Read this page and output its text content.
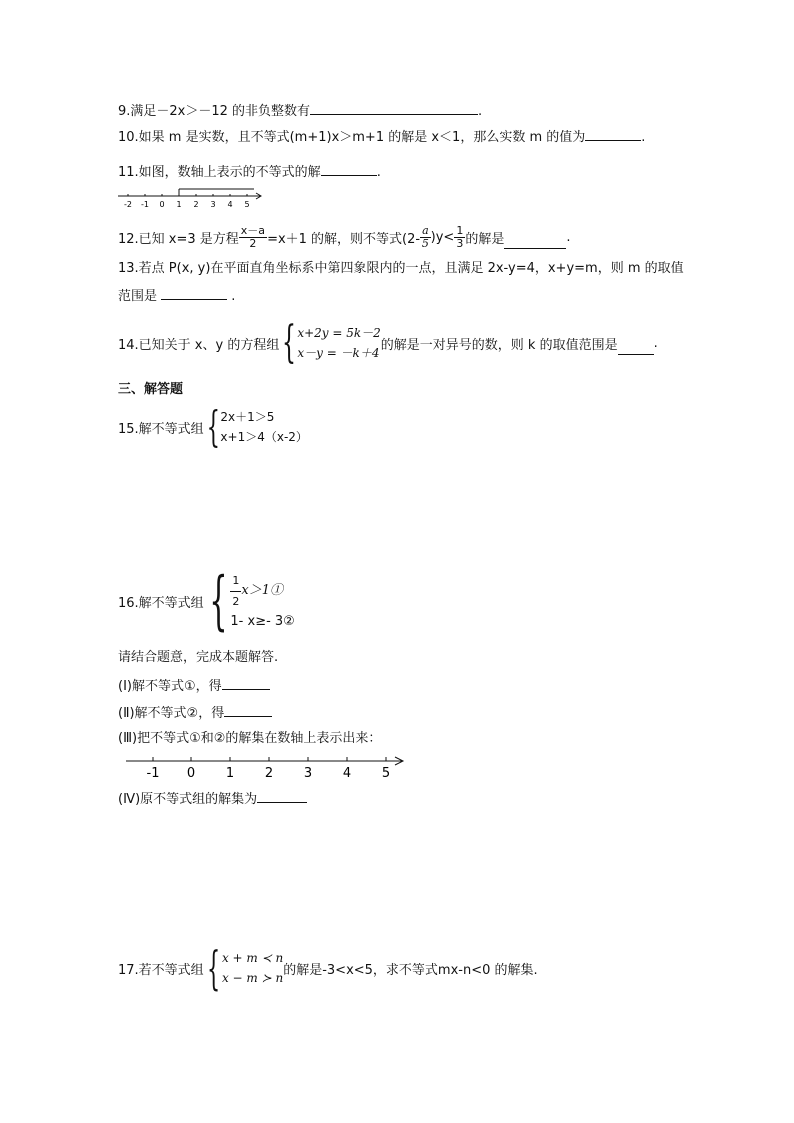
9.满足－2x＞－12 的非负整数有	.
10.如果 m 是实数，且不等式(m+1)x＞m+1 的解是 x＜1，那么实数 m 的值为	.
11.如图，数轴上表示的不等式的解	.
-2 -1 0 1 2 3 4 5
12.已知 x=3 是方程 $\frac{x-a}{2} =x+1$ 的解，则不等式$(2- \frac{a}{5} )y< \frac{1}{3}$ 的解是	.
13.若点 P(x, y)在平面直角坐标系中第四象限内的一点，且满足 2x-y=4，x+y=m，则 m 的取值
范围是	.
14.已知关于 x、y 的方程组 { x+2y = 5k－2
x－y = －k＋4
的解是一对异号的数，则 k 的取值范围是	.
三、解答题
15.解不等式组 { 2x＋1＞5
x+1＞4（x-2）
16.解不等式组 { $\frac{1}{2}$ x＞1①
1- x≥- 3②
请结合题意，完成本题解答.
(Ⅰ)解不等式①，得
(Ⅱ)解不等式②，得
(Ⅲ)把不等式①和②的解集在数轴上表示出来：
-1 0 1 2 3 4 5
(Ⅳ)原不等式组的解集为
17.若不等式组 { x + m ≺ n
x − m ≻ n
的解是-3<x<5，求不等式mx-n<0 的解集.
